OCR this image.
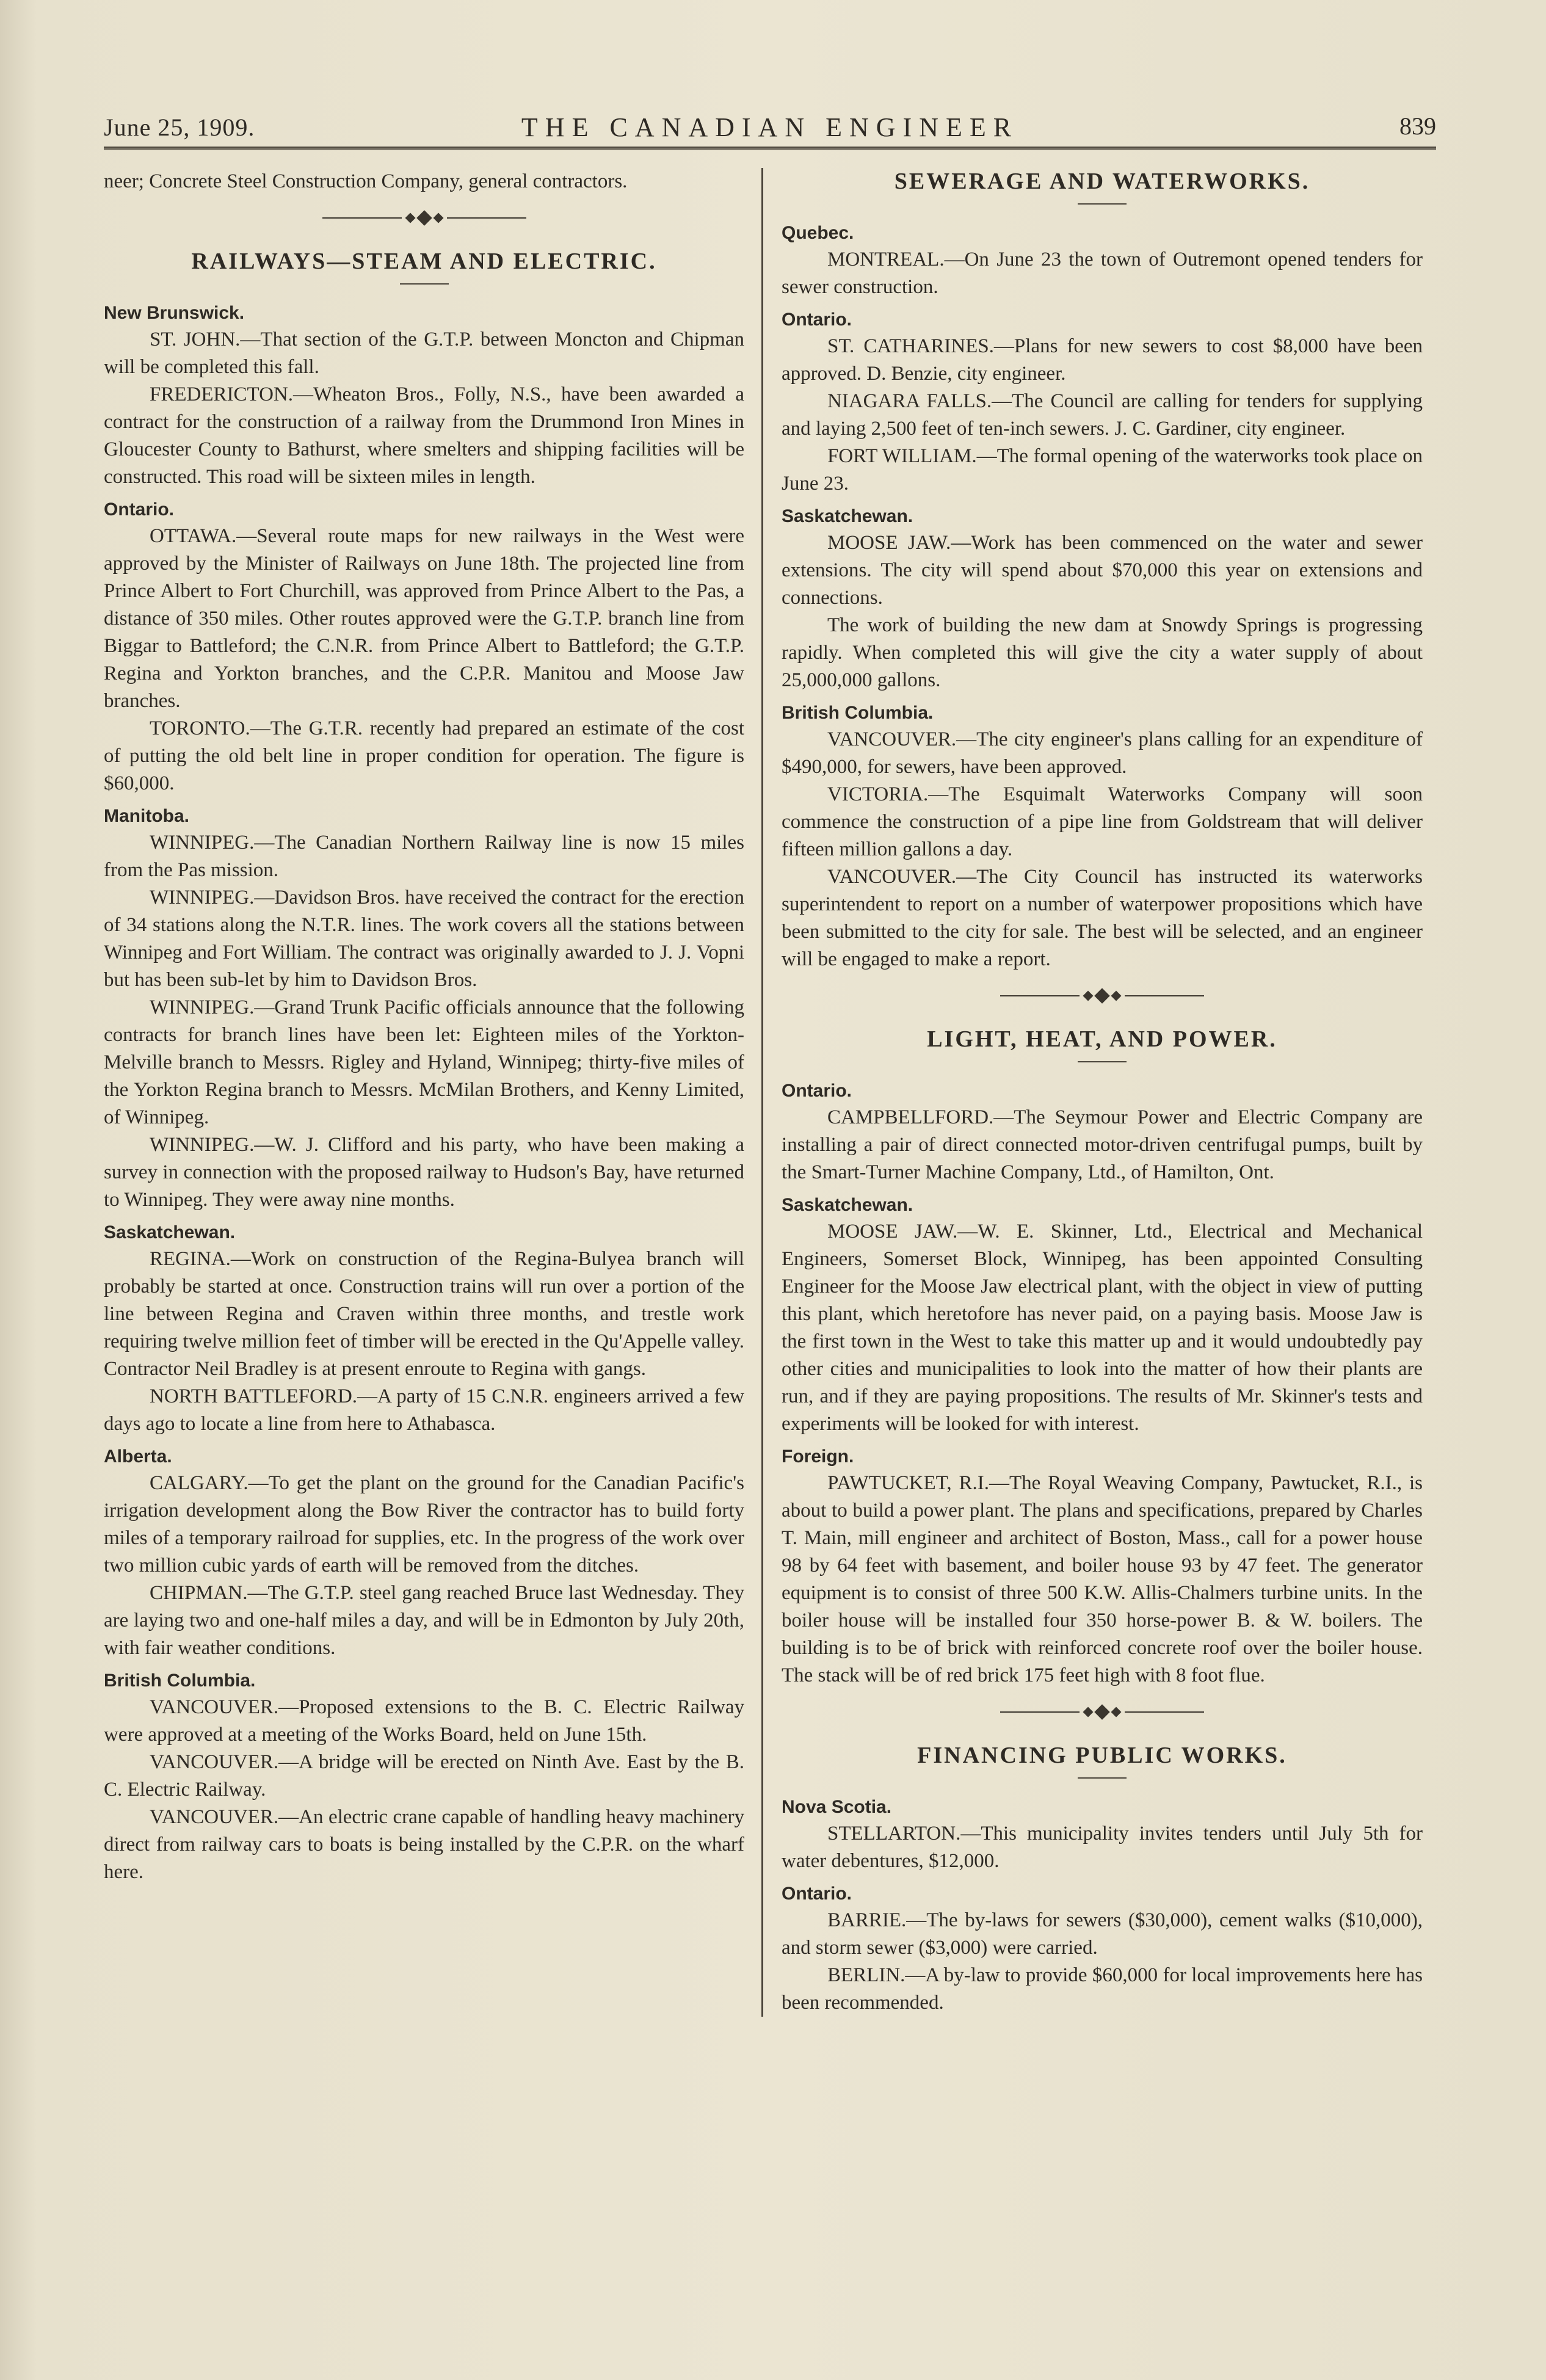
June 25, 1909.	THE CANADIAN ENGINEER	839

neer; Concrete Steel Construction Company, general contractors.

RAILWAYS—STEAM AND ELECTRIC.
New Brunswick.

ST. JOHN.—That section of the G.T.P. between Moncton and Chipman will be completed this fall.

FREDERICTON.—Wheaton Bros., Folly, N.S., have been awarded a contract for the construction of a railway from the Drummond Iron Mines in Gloucester County to Bathurst, where smelters and shipping facilities will be constructed. This road will be sixteen miles in length.

Ontario.

OTTAWA.—Several route maps for new railways in the West were approved by the Minister of Railways on June 18th. The projected line from Prince Albert to Fort Churchill, was approved from Prince Albert to the Pas, a distance of 350 miles. Other routes approved were the G.T.P. branch line from Biggar to Battleford; the C.N.R. from Prince Albert to Battleford; the G.T.P. Regina and Yorkton branches, and the C.P.R. Manitou and Moose Jaw branches.

TORONTO.—The G.T.R. recently had prepared an estimate of the cost of putting the old belt line in proper condition for operation. The figure is $60,000.

Manitoba.

WINNIPEG.—The Canadian Northern Railway line is now 15 miles from the Pas mission.

WINNIPEG.—Davidson Bros. have received the contract for the erection of 34 stations along the N.T.R. lines. The work covers all the stations between Winnipeg and Fort William. The contract was originally awarded to J. J. Vopni but has been sub-let by him to Davidson Bros.

WINNIPEG.—Grand Trunk Pacific officials announce that the following contracts for branch lines have been let: Eighteen miles of the Yorkton-Melville branch to Messrs. Rigley and Hyland, Winnipeg; thirty-five miles of the Yorkton Regina branch to Messrs. McMilan Brothers, and Kenny Limited, of Winnipeg.

WINNIPEG.—W. J. Clifford and his party, who have been making a survey in connection with the proposed railway to Hudson's Bay, have returned to Winnipeg. They were away nine months.

Saskatchewan.

REGINA.—Work on construction of the Regina-Bulyea branch will probably be started at once. Construction trains will run over a portion of the line between Regina and Craven within three months, and trestle work requiring twelve million feet of timber will be erected in the Qu'Appelle valley. Contractor Neil Bradley is at present enroute to Regina with gangs.

NORTH BATTLEFORD.—A party of 15 C.N.R. engineers arrived a few days ago to locate a line from here to Athabasca.

Alberta.

CALGARY.—To get the plant on the ground for the Canadian Pacific's irrigation development along the Bow River the contractor has to build forty miles of a temporary railroad for supplies, etc. In the progress of the work over two million cubic yards of earth will be removed from the ditches.

CHIPMAN.—The G.T.P. steel gang reached Bruce last Wednesday. They are laying two and one-half miles a day, and will be in Edmonton by July 20th, with fair weather conditions.

British Columbia.

VANCOUVER.—Proposed extensions to the B. C. Electric Railway were approved at a meeting of the Works Board, held on June 15th.

VANCOUVER.—A bridge will be erected on Ninth Ave. East by the B. C. Electric Railway.

VANCOUVER.—An electric crane capable of handling heavy machinery direct from railway cars to boats is being installed by the C.P.R. on the wharf here.

SEWERAGE AND WATERWORKS.
Quebec.

MONTREAL.—On June 23 the town of Outremont opened tenders for sewer construction.

Ontario.

ST. CATHARINES.—Plans for new sewers to cost $8,000 have been approved. D. Benzie, city engineer.

NIAGARA FALLS.—The Council are calling for tenders for supplying and laying 2,500 feet of ten-inch sewers. J. C. Gardiner, city engineer.

FORT WILLIAM.—The formal opening of the waterworks took place on June 23.

Saskatchewan.

MOOSE JAW.—Work has been commenced on the water and sewer extensions. The city will spend about $70,000 this year on extensions and connections.

The work of building the new dam at Snowdy Springs is progressing rapidly. When completed this will give the city a water supply of about 25,000,000 gallons.

British Columbia.

VANCOUVER.—The city engineer's plans calling for an expenditure of $490,000, for sewers, have been approved.

VICTORIA.—The Esquimalt Waterworks Company will soon commence the construction of a pipe line from Goldstream that will deliver fifteen million gallons a day.

VANCOUVER.—The City Council has instructed its waterworks superintendent to report on a number of waterpower propositions which have been submitted to the city for sale. The best will be selected, and an engineer will be engaged to make a report.

LIGHT, HEAT, AND POWER.
Ontario.

CAMPBELLFORD.—The Seymour Power and Electric Company are installing a pair of direct connected motor-driven centrifugal pumps, built by the Smart-Turner Machine Company, Ltd., of Hamilton, Ont.

Saskatchewan.

MOOSE JAW.—W. E. Skinner, Ltd., Electrical and Mechanical Engineers, Somerset Block, Winnipeg, has been appointed Consulting Engineer for the Moose Jaw electrical plant, with the object in view of putting this plant, which heretofore has never paid, on a paying basis. Moose Jaw is the first town in the West to take this matter up and it would undoubtedly pay other cities and municipalities to look into the matter of how their plants are run, and if they are paying propositions. The results of Mr. Skinner's tests and experiments will be looked for with interest.

Foreign.

PAWTUCKET, R.I.—The Royal Weaving Company, Pawtucket, R.I., is about to build a power plant. The plans and specifications, prepared by Charles T. Main, mill engineer and architect of Boston, Mass., call for a power house 98 by 64 feet with basement, and boiler house 93 by 47 feet. The generator equipment is to consist of three 500 K.W. Allis-Chalmers turbine units. In the boiler house will be installed four 350 horse-power B. & W. boilers. The building is to be of brick with reinforced concrete roof over the boiler house. The stack will be of red brick 175 feet high with 8 foot flue.

FINANCING PUBLIC WORKS.
Nova Scotia.

STELLARTON.—This municipality invites tenders until July 5th for water debentures, $12,000.

Ontario.

BARRIE.—The by-laws for sewers ($30,000), cement walks ($10,000), and storm sewer ($3,000) were carried.

BERLIN.—A by-law to provide $60,000 for local improvements here has been recommended.
